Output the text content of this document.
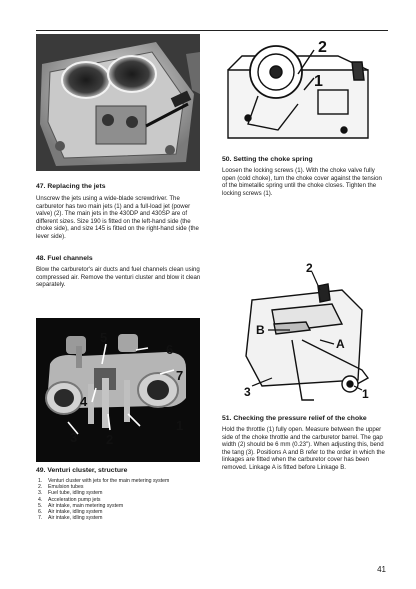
5
6
7
4
3 2
1
2
1
2
B
A
3	1
47. Replacing the jets

Unscrew the jets using a wide-blade screwdriver. The carburetor has two main jets (1) and a full-load jet (power valve) (2). The main jets in the 430DP and 430SP are of different sizes. Size 190 is fitted on the left-hand side (the choke side), and size 145 is fitted on the right-hand side (the lever side).

48. Fuel channels

Blow the carburetor's air ducts and fuel channels clean using compressed air. Remove the venturi cluster and blow it clean separately.

49. Venturi cluster, structure
1. Venturi cluster with jets for the main metering system
2. Emulsion tubes
3. Fuel tube, idling system
4. Acceleration pump jets
5. Air intake, main metering system
6. Air intake, idling system
7. Air intake, idling system
50. Setting the choke spring

Loosen the locking screws (1). With the choke valve fully open (cold choke), turn the choke cover against the tension of the bimetallic spring until the choke closes. Tighten the locking screws (1).

51. Checking the pressure relief of the choke

Hold the throttle (1) fully open. Measure between the upper side of the choke throttle and the carburetor barrel. The gap width (2) should be 6 mm (0.23"). When adjusting this, bend the tang (3). Positions A and B refer to the order in which the linkages are fitted when the carburetor cover has been removed. Linkage A is fitted before Linkage B.

41
